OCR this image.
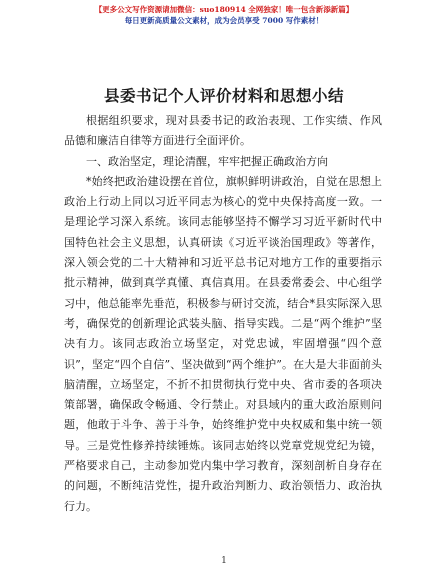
【更多公文写作资源请加微信：suo180914 全网独家！唯一包含新添新篇】
每日更新高质量公文素材，成为会员享受 7000 写作素材！
县委书记个人评价材料和思想小结

根据组织要求，现对县委书记的政治表现、工作实绩、作风品德和廉洁自律等方面进行全面评价。

一、政治坚定，理论清醒，牢牢把握正确政治方向

*始终把政治建设摆在首位，旗帜鲜明讲政治，自觉在思想上政治上行动上同以习近平同志为核心的党中央保持高度一致。一是理论学习深入系统。该同志能够坚持不懈学习习近平新时代中国特色社会主义思想，认真研读《习近平谈治国理政》等著作，深入领会党的二十大精神和习近平总书记对地方工作的重要指示批示精神，做到真学真懂、真信真用。在县委常委会、中心组学习中，他总能率先垂范，积极参与研讨交流，结合*县实际深入思考，确保党的创新理论武装头脑、指导实践。二是“两个维护”坚决有力。该同志政治立场坚定，对党忠诚，牢固增强“四个意识”，坚定“四个自信”、坚决做到“两个维护”。在大是大非面前头脑清醒，立场坚定，不折不扣贯彻执行党中央、省市委的各项决策部署，确保政令畅通、令行禁止。对县域内的重大政治原则问题，他敢于斗争、善于斗争，始终维护党中央权威和集中统一领导。三是党性修养持续锤炼。该同志始终以党章党规党纪为镜，严格要求自己，主动参加党内集中学习教育，深刻剖析自身存在的问题，不断纯洁党性，提升政治判断力、政治领悟力、政治执行力。

1
